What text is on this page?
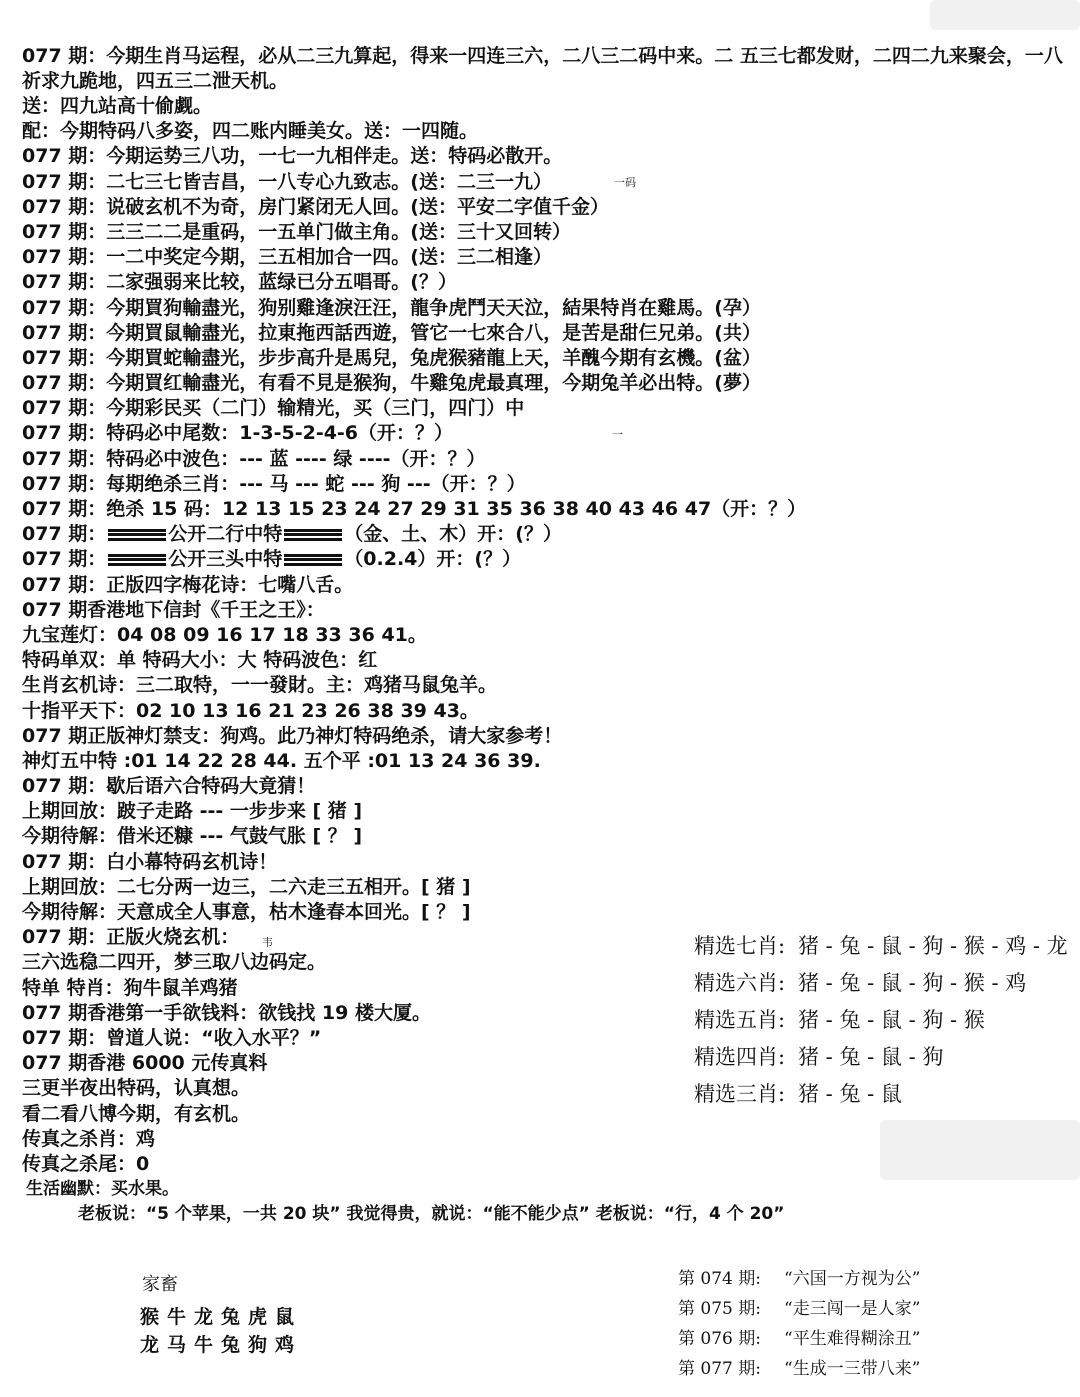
077 期：今期生肖马运程，必从二三九算起，得来一四连三六，二八三二码中来。二 五三七都发财，二四二九来聚会，一八祈求九跪地，四五三二泄天机。
送：四九站高十偷觑。
配：今期特码八多姿，四二账内睡美女。送：一四随。
077 期：今期运势三八功，一七一九相伴走。送：特码必散开。
077 期：二七三七皆吉昌，一八专心九致志。(送：二三一九）
077 期：说破玄机不为奇，房门紧闭无人回。(送：平安二字值千金）
077 期：三三二二是重码，一五单门做主角。(送：三十又回转）
077 期：一二中奖定今期，三五相加合一四。(送：三二相逢）
077 期：二家强弱来比较，蓝绿已分五唱哥。(？）
077 期：今期買狗輸盡光，狗别雞逢淚汪汪，龍争虎鬥天天泣，結果特肖在雞馬。(孕）
077 期：今期買鼠輸盡光，拉東拖西話西遊，管它一七來合八，是苦是甜仨兄弟。(共）
077 期：今期買蛇輸盡光，步步高升是馬兒，兔虎猴豬龍上天，羊醜今期有玄機。(盆）
077 期：今期買红輸盡光，有看不見是猴狗，牛雞兔虎最真理，今期兔羊必出特。(夢）
077 期：今期彩民买（二门）输精光，买（三门，四门）中
077 期：特码必中尾数：1-3-5-2-4-6（开：？）
077 期：特码必中波色：--- 蓝 ---- 绿 ----（开：？）
077 期：每期绝杀三肖：--- 马 --- 蛇 --- 狗 ---（开：？）
077 期：绝杀 15 码：12 13 15 23 24 27 29 31 35 36 38 40 43 46 47（开：？）
077 期：	公开二行中特	（金、土、木）开：(？）
077 期：	公开三头中特	（0.2.4）开：(？）
077 期：正版四字梅花诗：七嘴八舌。
077 期香港地下信封《千王之王》：
九宝莲灯：04 08 09 16 17 18 33 36 41。
特码单双：单 特码大小：大 特码波色：红
生肖玄机诗：三二取特，一一發財。主：鸡猪马鼠兔羊。
十指平天下：02 10 13 16 21 23 26 38 39 43。
077 期正版神灯禁支：狗鸡。此乃神灯特码绝杀，请大家参考！
神灯五中特 :01 14 22 28 44. 五个平 :01 13 24 36 39.
077 期：歇后语六合特码大竟猜！
上期回放：跛子走路 --- 一步步来 [ 猪 ]
今期待解：借米还糠 --- 气鼓气胀 [ ？ ]
077 期：白小幕特码玄机诗！
上期回放：二七分两一边三，二六走三五相开。[ 猪 ]
今期待解：天意成全人事意，枯木逢春本回光。[ ？ ]
077 期：正版火烧玄机：
三六选稳二四开，梦三取八边码定。
特单 特肖：狗牛鼠羊鸡猪
077 期香港第一手欲钱料：欲钱找 19 楼大厦。
077 期：曾道人说：“收入水平？”
077 期香港 6000 元传真料
三更半夜出特码，认真想。
看二看八博今期，有玄机。
传真之杀肖：鸡
传真之杀尾：0
生活幽默：买水果。
老板说：“5 个苹果，一共 20 块” 我觉得贵，就说：“能不能少点” 老板说：“行，4 个 20”
一码
一
韦	精选七肖: 猪 - 兔 - 鼠 - 狗 - 猴 - 鸡 - 龙
精选六肖: 猪 - 兔 - 鼠 - 狗 - 猴 - 鸡
精选五肖: 猪 - 兔 - 鼠 - 狗 - 猴
精选四肖: 猪 - 兔 - 鼠 - 狗
精选三肖: 猪 - 兔 - 鼠
家畜
猴牛龙兔虎鼠
龙马牛兔狗鸡
第 074 期: “六国一方视为公”
第 075 期: “走三闯一是人家”
第 076 期: “平生难得糊涂丑”
第 077 期: “生成一三带八来”
